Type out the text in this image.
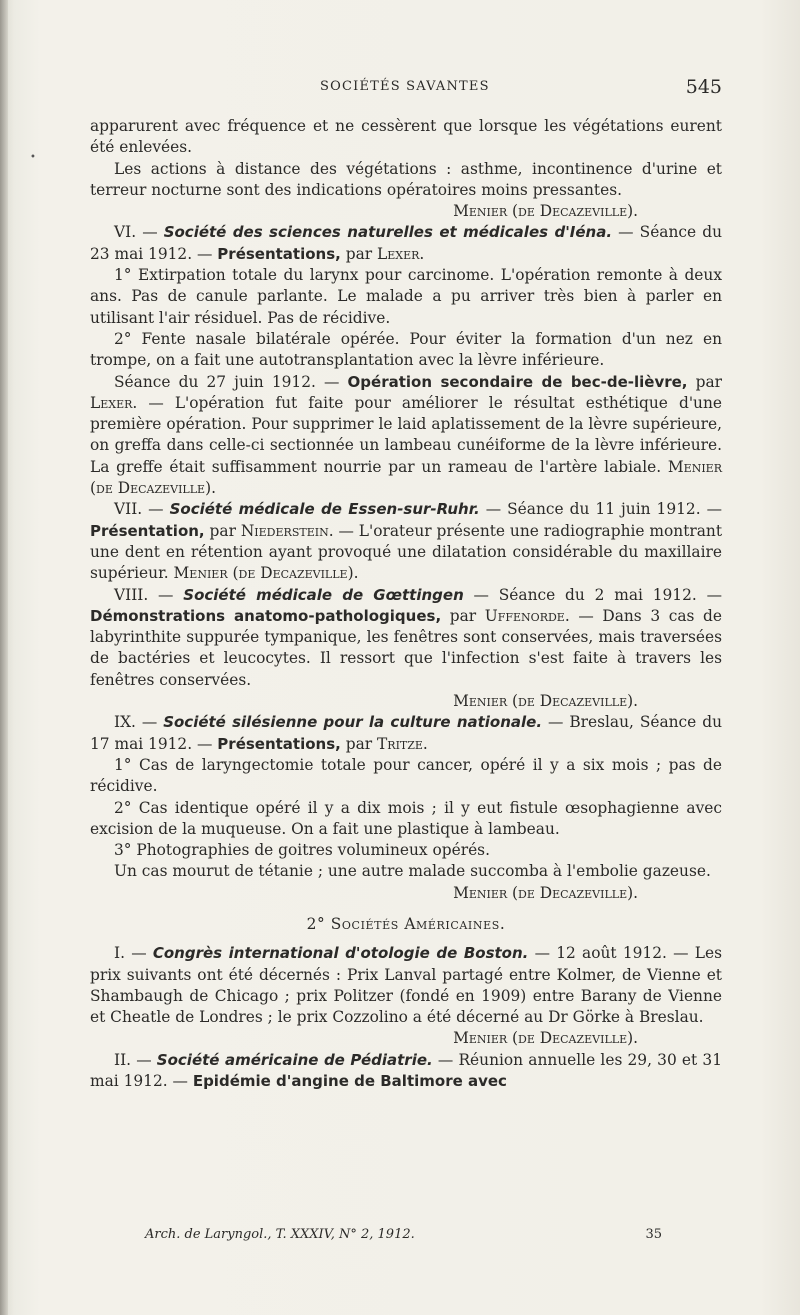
•
SOCIÉTÉS SAVANTES	545

apparurent avec fréquence et ne cessèrent que lorsque les végétations eurent été enlevées.

Les actions à distance des végétations : asthme, incontinence d'urine et terreur nocturne sont des indications opératoires moins pressantes.

Menier (de Decazeville).

VI. — Société des sciences naturelles et médicales d'Iéna. — Séance du 23 mai 1912. — Présentations, par Lexer.

1° Extirpation totale du larynx pour carcinome. L'opération remonte à deux ans. Pas de canule parlante. Le malade a pu arriver très bien à parler en utilisant l'air résiduel. Pas de récidive.

2° Fente nasale bilatérale opérée. Pour éviter la formation d'un nez en trompe, on a fait une autotransplantation avec la lèvre inférieure.

Séance du 27 juin 1912. — Opération secondaire de bec-de-lièvre, par Lexer. — L'opération fut faite pour améliorer le résultat esthétique d'une première opération. Pour supprimer le laid aplatissement de la lèvre supérieure, on greffa dans celle-ci sectionnée un lambeau cunéiforme de la lèvre inférieure. La greffe était suffisamment nourrie par un rameau de l'artère labiale. Menier (de Decazeville).

VII. — Société médicale de Essen-sur-Ruhr. — Séance du 11 juin 1912. — Présentation, par Niederstein. — L'orateur présente une radiographie montrant une dent en rétention ayant provoqué une dilatation considérable du maxillaire supérieur. Menier (de Decazeville).

VIII. — Société médicale de Gœttingen — Séance du 2 mai 1912. — Démonstrations anatomo-pathologiques, par Uffenorde. — Dans 3 cas de labyrinthite suppurée tympanique, les fenêtres sont conservées, mais traversées de bactéries et leucocytes. Il ressort que l'infection s'est faite à travers les fenêtres conservées.

Menier (de Decazeville).

IX. — Société silésienne pour la culture nationale. — Breslau, Séance du 17 mai 1912. — Présentations, par Tritze.

1° Cas de laryngectomie totale pour cancer, opéré il y a six mois ; pas de récidive.

2° Cas identique opéré il y a dix mois ; il y eut fistule œsophagienne avec excision de la muqueuse. On a fait une plastique à lambeau.

3° Photographies de goitres volumineux opérés.

Un cas mourut de tétanie ; une autre malade succomba à l'embolie gazeuse.

Menier (de Decazeville).

2° Sociétés Américaines.

I. — Congrès international d'otologie de Boston. — 12 août 1912. — Les prix suivants ont été décernés : Prix Lanval partagé entre Kolmer, de Vienne et Shambaugh de Chicago ; prix Politzer (fondé en 1909) entre Barany de Vienne et Cheatle de Londres ; le prix Cozzolino a été décerné au Dr Görke à Breslau.

Menier (de Decazeville).

II. — Société américaine de Pédiatrie. — Réunion annuelle les 29, 30 et 31 mai 1912. — Epidémie d'angine de Baltimore avec

Arch. de Laryngol., T. XXXIV, N° 2, 1912.	35
